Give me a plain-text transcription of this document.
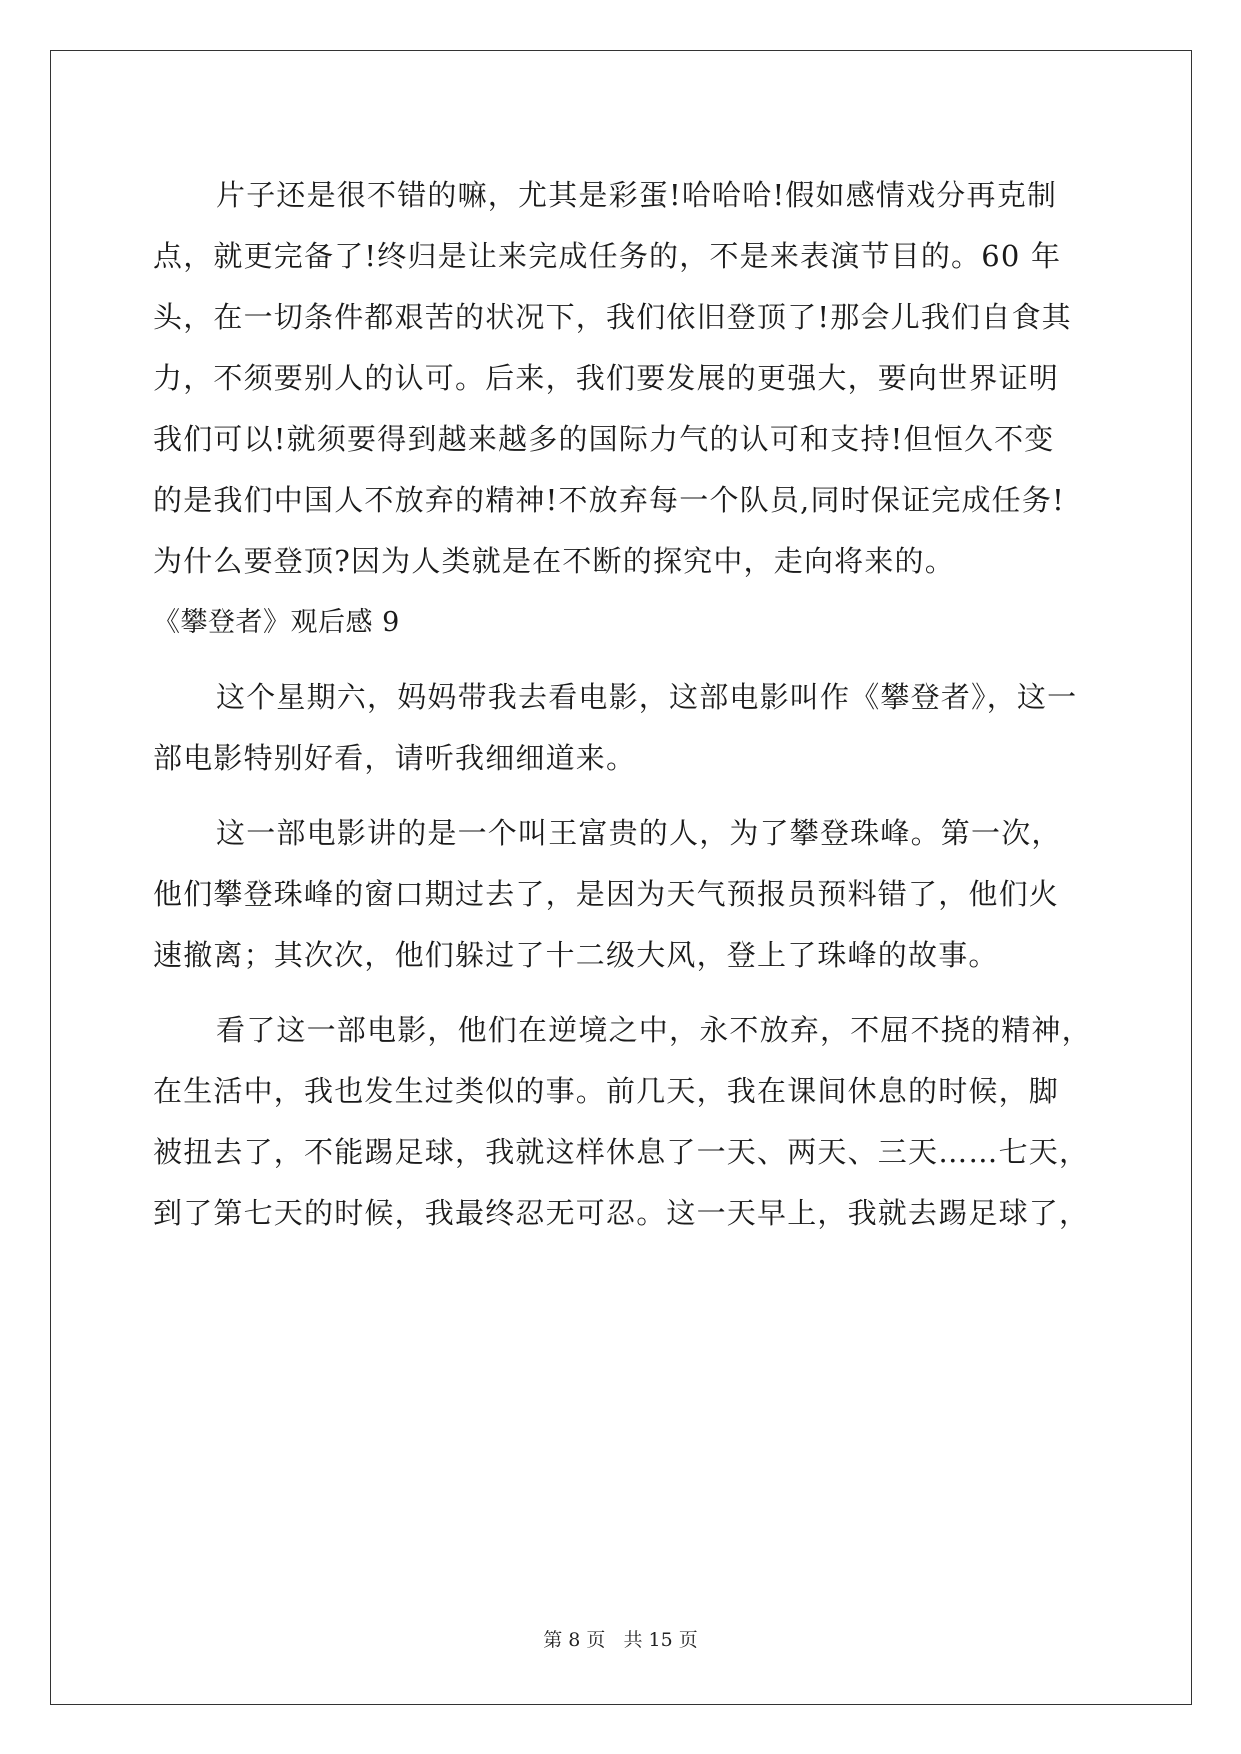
片子还是很不错的嘛，尤其是彩蛋!哈哈哈!假如感情戏分再克制
点，就更完备了!终归是让来完成任务的，不是来表演节目的。60 年
头，在一切条件都艰苦的状况下，我们依旧登顶了!那会儿我们自食其
力，不须要别人的认可。后来，我们要发展的更强大，要向世界证明
我们可以!就须要得到越来越多的国际力气的认可和支持!但恒久不变
的是我们中国人不放弃的精神!不放弃每一个队员,同时保证完成任务!
为什么要登顶?因为人类就是在不断的探究中，走向将来的。
《攀登者》观后感 9
这个星期六，妈妈带我去看电影，这部电影叫作《攀登者》，这一
部电影特别好看，请听我细细道来。
这一部电影讲的是一个叫王富贵的人，为了攀登珠峰。第一次，
他们攀登珠峰的窗口期过去了，是因为天气预报员预料错了，他们火
速撤离；其次次，他们躲过了十二级大风，登上了珠峰的故事。
看了这一部电影，他们在逆境之中，永不放弃，不屈不挠的精神，
在生活中，我也发生过类似的事。前几天，我在课间休息的时候，脚
被扭去了，不能踢足球，我就这样休息了一天、两天、三天……七天，
到了第七天的时候，我最终忍无可忍。这一天早上，我就去踢足球了，
第 8 页 共 15 页
